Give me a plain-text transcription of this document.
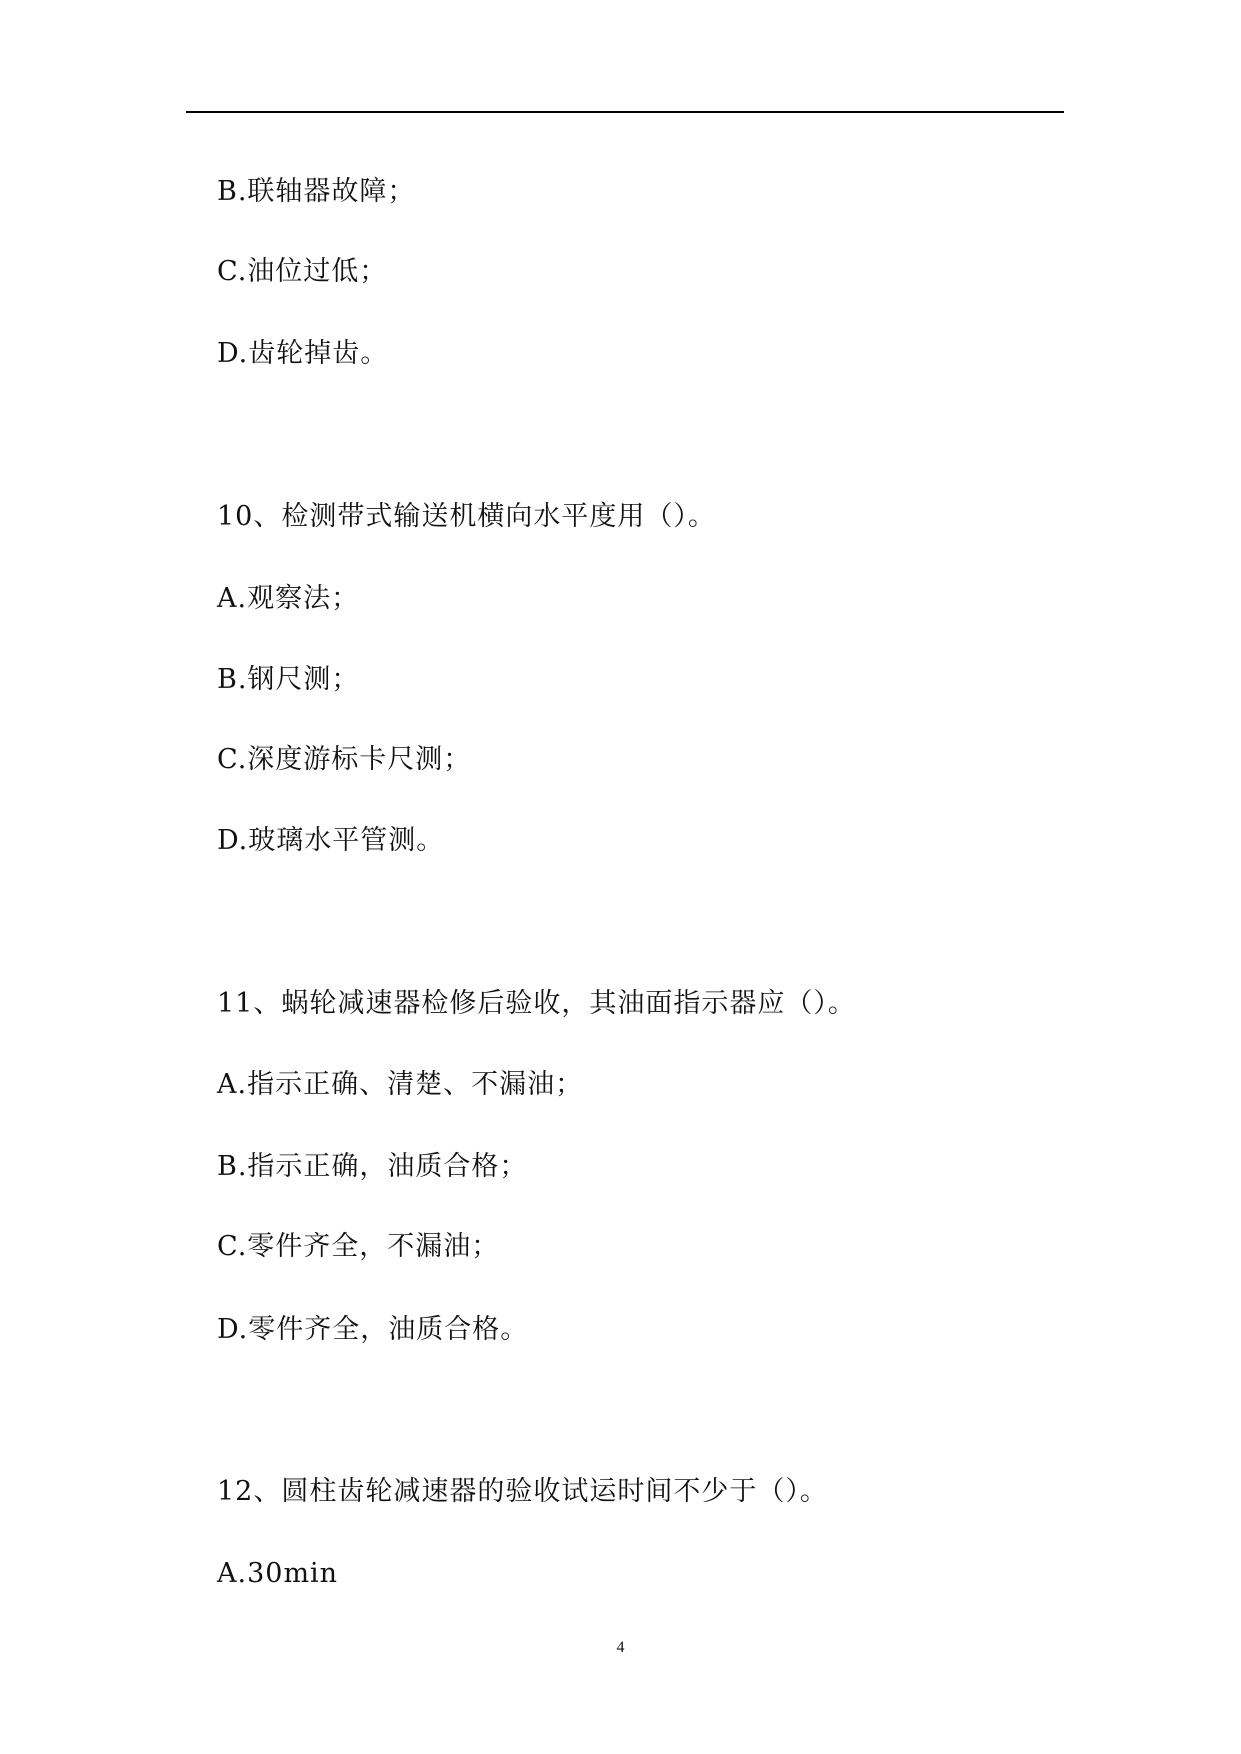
B.联轴器故障；
C.油位过低；
D.齿轮掉齿。
10、检测带式输送机横向水平度用（）。
A.观察法；
B.钢尺测；
C.深度游标卡尺测；
D.玻璃水平管测。
11、蜗轮减速器检修后验收，其油面指示器应（）。
A.指示正确、清楚、不漏油；
B.指示正确，油质合格；
C.零件齐全，不漏油；
D.零件齐全，油质合格。
12、圆柱齿轮减速器的验收试运时间不少于（）。
A.30min
4
